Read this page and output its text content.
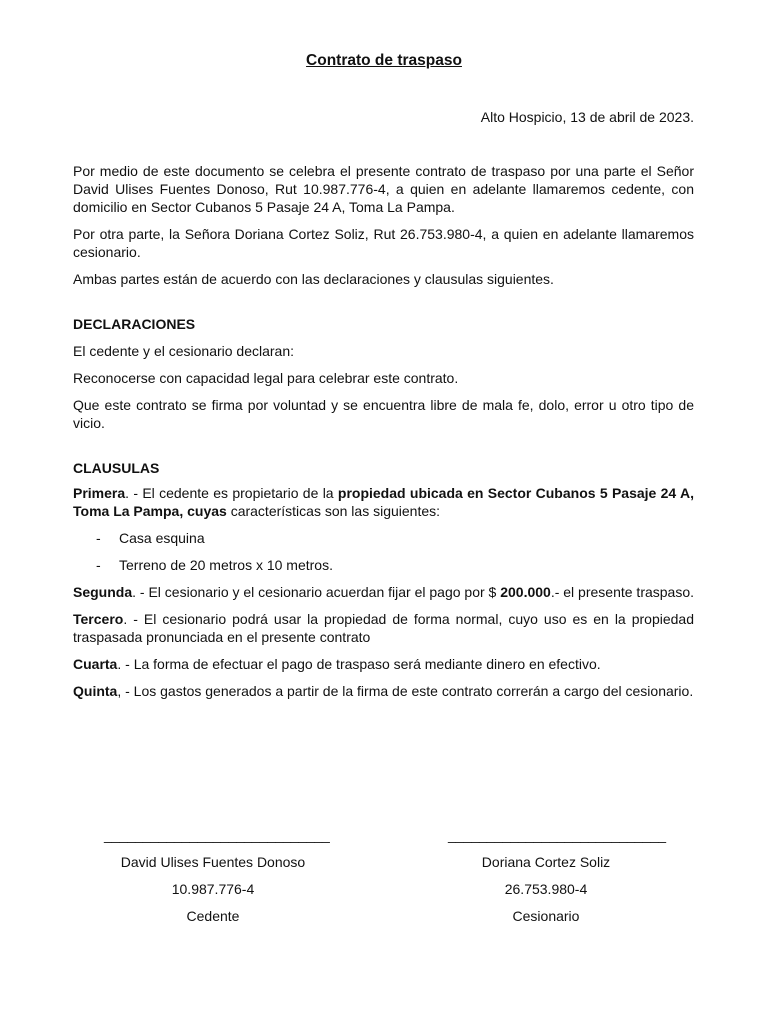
Contrato de traspaso
Alto Hospicio, 13 de abril de 2023.

Por medio de este documento se celebra el presente contrato de traspaso por una parte el Señor David Ulises Fuentes Donoso, Rut 10.987.776-4, a quien en adelante llamaremos cedente, con domicilio en Sector Cubanos 5 Pasaje 24 A, Toma La Pampa.

Por otra parte, la Señora Doriana Cortez Soliz, Rut 26.753.980-4, a quien en adelante llamaremos cesionario.

Ambas partes están de acuerdo con las declaraciones y clausulas siguientes.

DECLARACIONES

El cedente y el cesionario declaran:

Reconocerse con capacidad legal para celebrar este contrato.

Que este contrato se firma por voluntad y se encuentra libre de mala fe, dolo, error u otro tipo de vicio.

CLAUSULAS

Primera. - El cedente es propietario de la propiedad ubicada en Sector Cubanos 5 Pasaje 24 A, Toma La Pampa, cuyas características son las siguientes:

- Casa esquina
- Terreno de 20 metros x 10 metros.

Segunda. - El cesionario y el cesionario acuerdan fijar el pago por $ 200.000.- el presente traspaso.

Tercero. - El cesionario podrá usar la propiedad de forma normal, cuyo uso es en la propiedad traspasada pronunciada en el presente contrato

Cuarta. - La forma de efectuar el pago de traspaso será mediante dinero en efectivo.

Quinta, - Los gastos generados a partir de la firma de este contrato correrán a cargo del cesionario.

_____________________________
David Ulises Fuentes Donoso
10.987.776-4
Cedente
____________________________
Doriana Cortez Soliz
26.753.980-4
Cesionario
